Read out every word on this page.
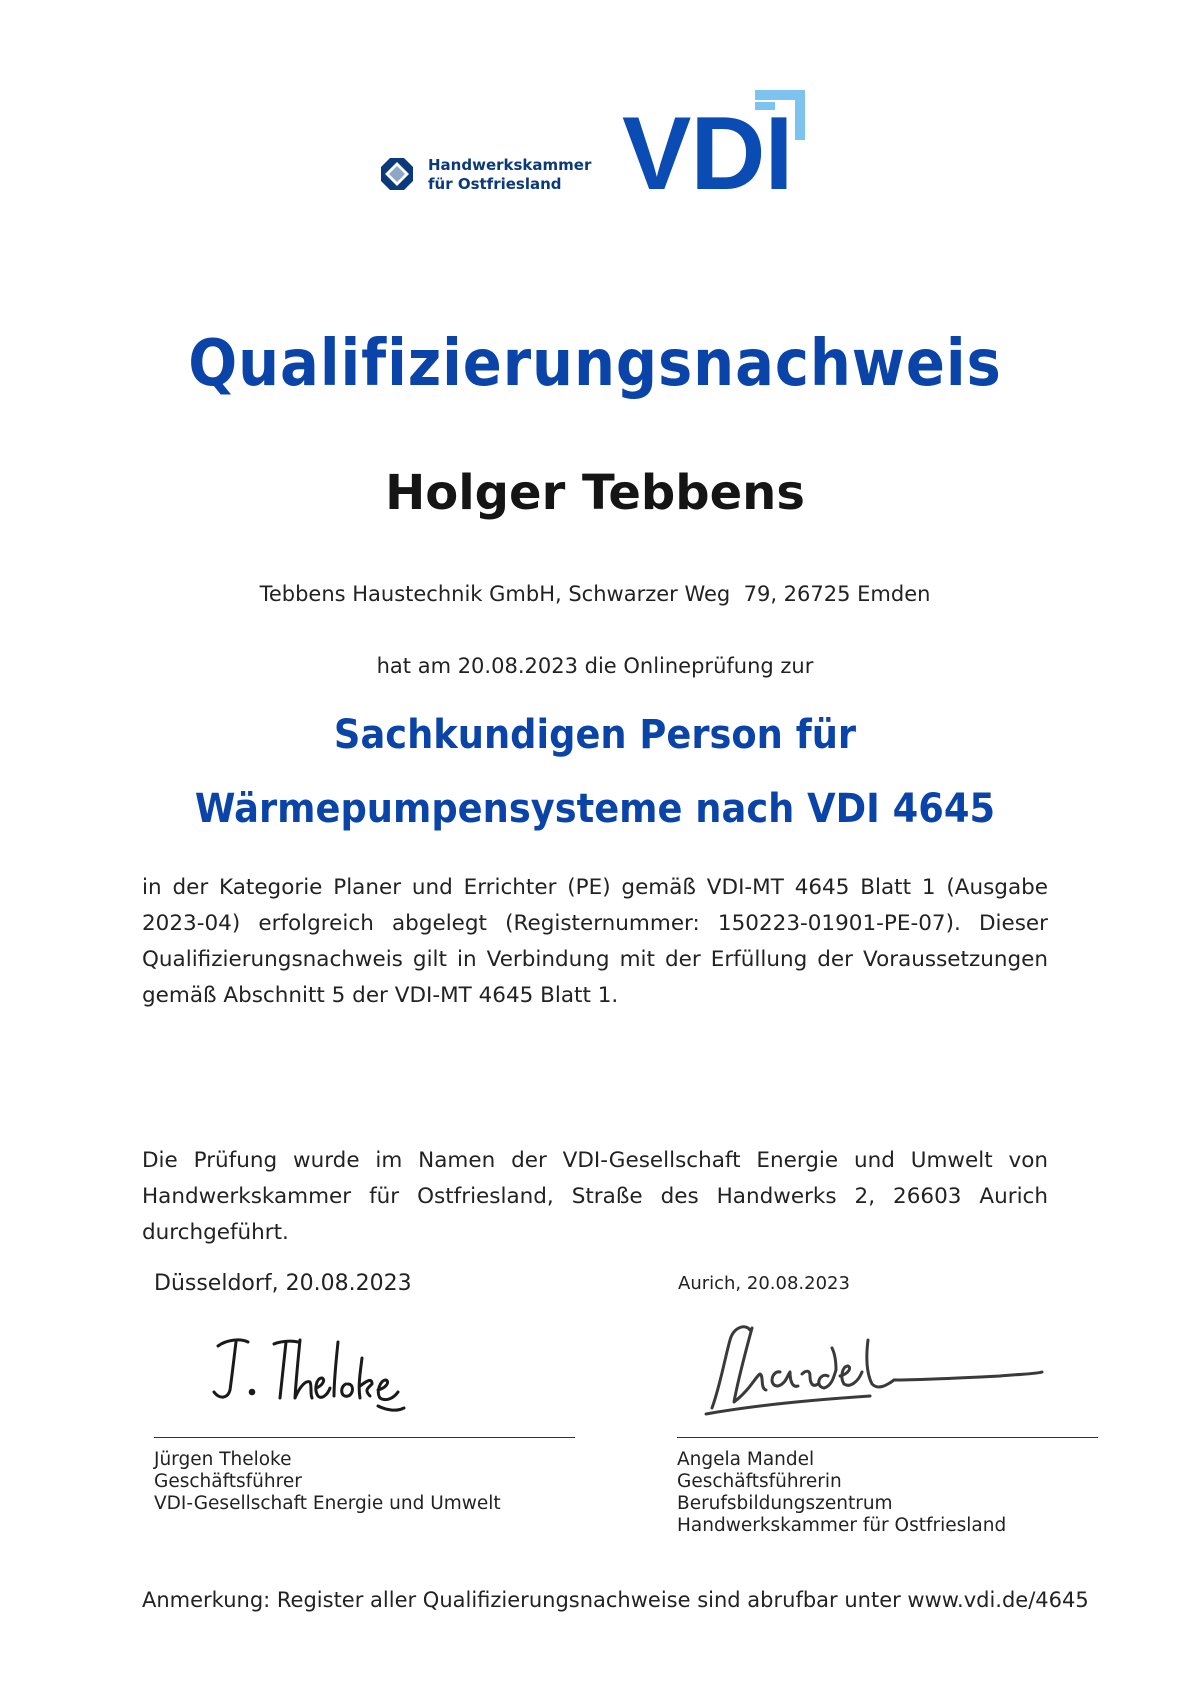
Handwerkskammer
für Ostfriesland VDI
Qualifizierungsnachweis
Holger Tebbens
Tebbens Haustechnik GmbH, Schwarzer Weg  79, 26725 Emden
hat am 20.08.2023 die Onlineprüfung zur
Sachkundigen Person für
Wärmepumpensysteme nach VDI 4645
in der Kategorie Planer und Errichter (PE) gemäß VDI-MT 4645 Blatt 1 (Ausgabe 2023-04) erfolgreich abgelegt (Registernummer: 150223-01901-PE-07). Dieser Qualifizierungsnachweis gilt in Verbindung mit der Erfüllung der Voraussetzungen gemäß Abschnitt 5 der VDI-MT 4645 Blatt 1.
Die Prüfung wurde im Namen der VDI-Gesellschaft Energie und Umwelt von Handwerkskammer für Ostfriesland, Straße des Handwerks 2, 26603 Aurich durchgeführt.
Düsseldorf, 20.08.2023	Aurich, 20.08.2023
Jürgen Theloke
Geschäftsführer
VDI-Gesellschaft Energie und Umwelt
Angela Mandel
Geschäftsführerin
Berufsbildungszentrum
Handwerkskammer für Ostfriesland
Anmerkung: Register aller Qualifizierungsnachweise sind abrufbar unter www.vdi.de/4645
